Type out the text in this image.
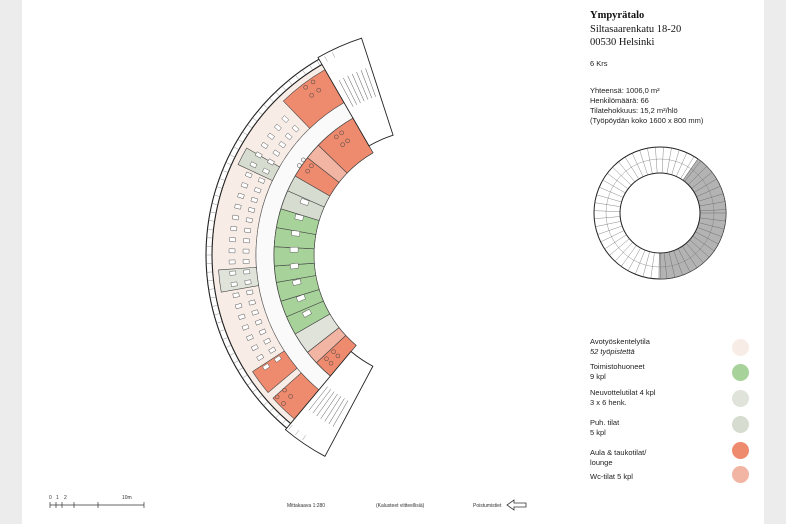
Ympyrätalo
Siltasaarenkatu 18-20
00530 Helsinki
6 Krs
Yhteensä: 1006,0 m²
Henkilömäärä: 66
Tilatehokkuus: 15,2 m²/hlö
(Työpöydän koko 1600 x 800 mm)
Avotyöskentelytila
52 työpistettä
Toimistohuoneet
9 kpl
Neuvottelutilat 4 kpl
3 x 6 henk.
Puh. tilat
5 kpl
Aula & taukotilat/
lounge
Wc-tilat 5 kpl
0 1 2	10m
Mittakaava 1:280	(Kalusteet viitteellisiä)	Poistumistiet
